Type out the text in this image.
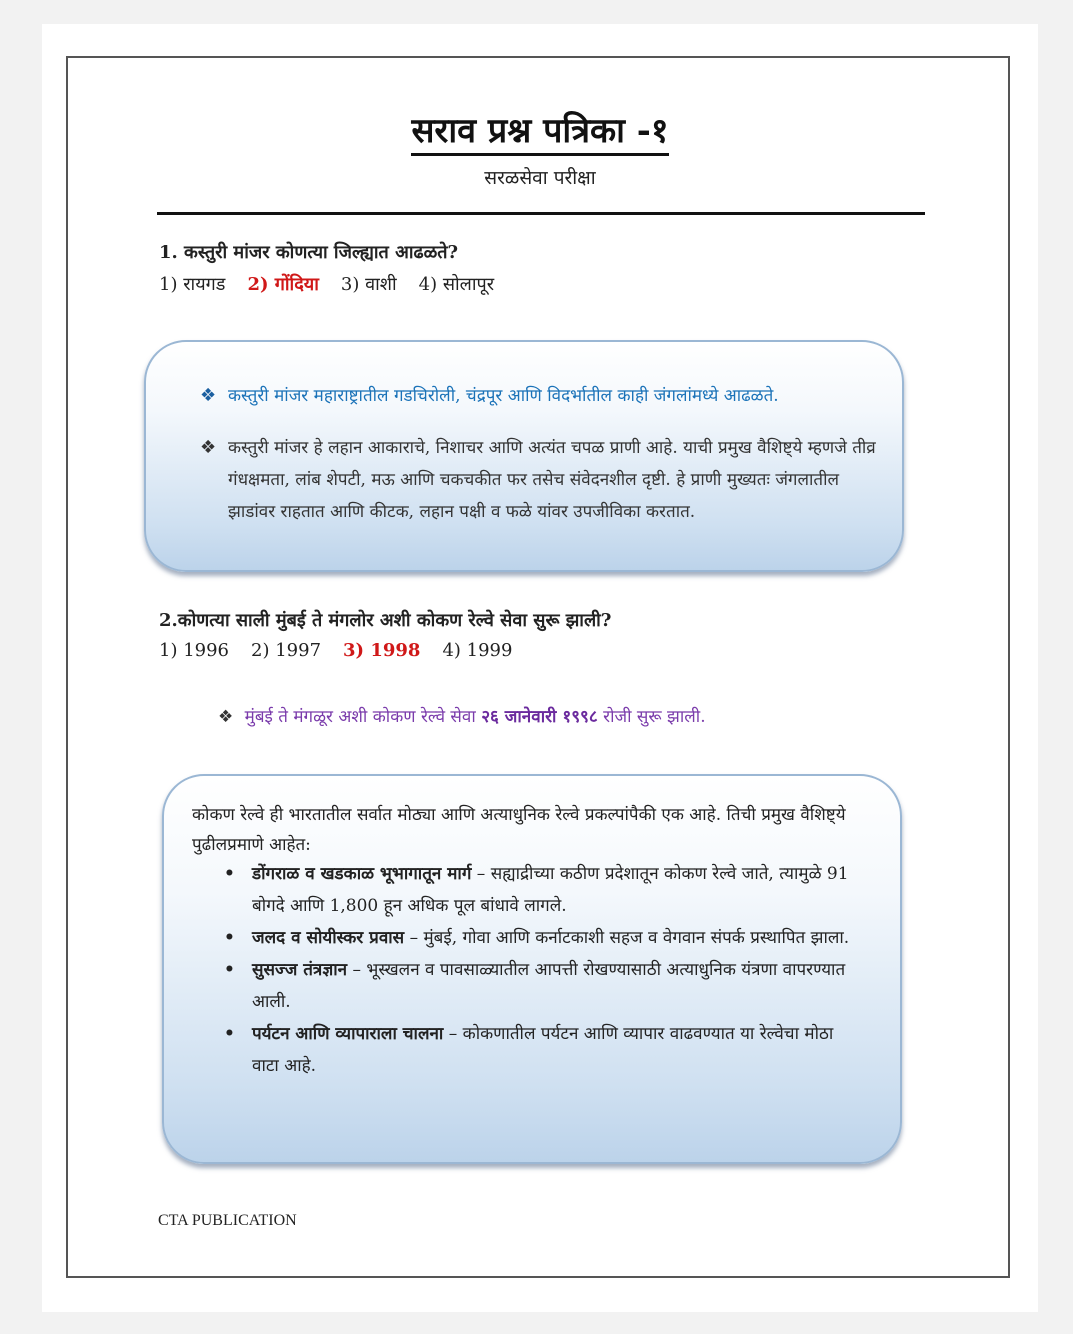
सराव प्रश्न पत्रिका -१
सरळसेवा परीक्षा
1. कस्तुरी मांजर कोणत्या जिल्ह्यात आढळते?
1) रायगड 2) गोंदिया 3) वाशी 4) सोलापूर
❖ कस्तुरी मांजर महाराष्ट्रातील गडचिरोली, चंद्रपूर आणि विदर्भातील काही जंगलांमध्ये आढळते.
❖ कस्तुरी मांजर हे लहान आकाराचे, निशाचर आणि अत्यंत चपळ प्राणी आहे. याची प्रमुख वैशिष्ट्ये म्हणजे तीव्र गंधक्षमता, लांब शेपटी, मऊ आणि चकचकीत फर तसेच संवेदनशील दृष्टी. हे प्राणी मुख्यतः जंगलातील झाडांवर राहतात आणि कीटक, लहान पक्षी व फळे यांवर उपजीविका करतात.
2.कोणत्या साली मुंबई ते मंगलोर अशी कोकण रेल्वे सेवा सुरू झाली?
1) 1996 2) 1997 3) 1998 4) 1999
❖ मुंबई ते मंगळूर अशी कोकण रेल्वे सेवा २६ जानेवारी १९९८ रोजी सुरू झाली.
कोकण रेल्वे ही भारतातील सर्वात मोठ्या आणि अत्याधुनिक रेल्वे प्रकल्पांपैकी एक आहे. तिची प्रमुख वैशिष्ट्ये पुढीलप्रमाणे आहेत:
• डोंगराळ व खडकाळ भूभागातून मार्ग – सह्याद्रीच्या कठीण प्रदेशातून कोकण रेल्वे जाते, त्यामुळे 91 बोगदे आणि 1,800 हून अधिक पूल बांधावे लागले.
• जलद व सोयीस्कर प्रवास – मुंबई, गोवा आणि कर्नाटकाशी सहज व वेगवान संपर्क प्रस्थापित झाला.
• सुसज्ज तंत्रज्ञान – भूस्खलन व पावसाळ्यातील आपत्ती रोखण्यासाठी अत्याधुनिक यंत्रणा वापरण्यात आली.
• पर्यटन आणि व्यापाराला चालना – कोकणातील पर्यटन आणि व्यापार वाढवण्यात या रेल्वेचा मोठा वाटा आहे.
CTA PUBLICATION
